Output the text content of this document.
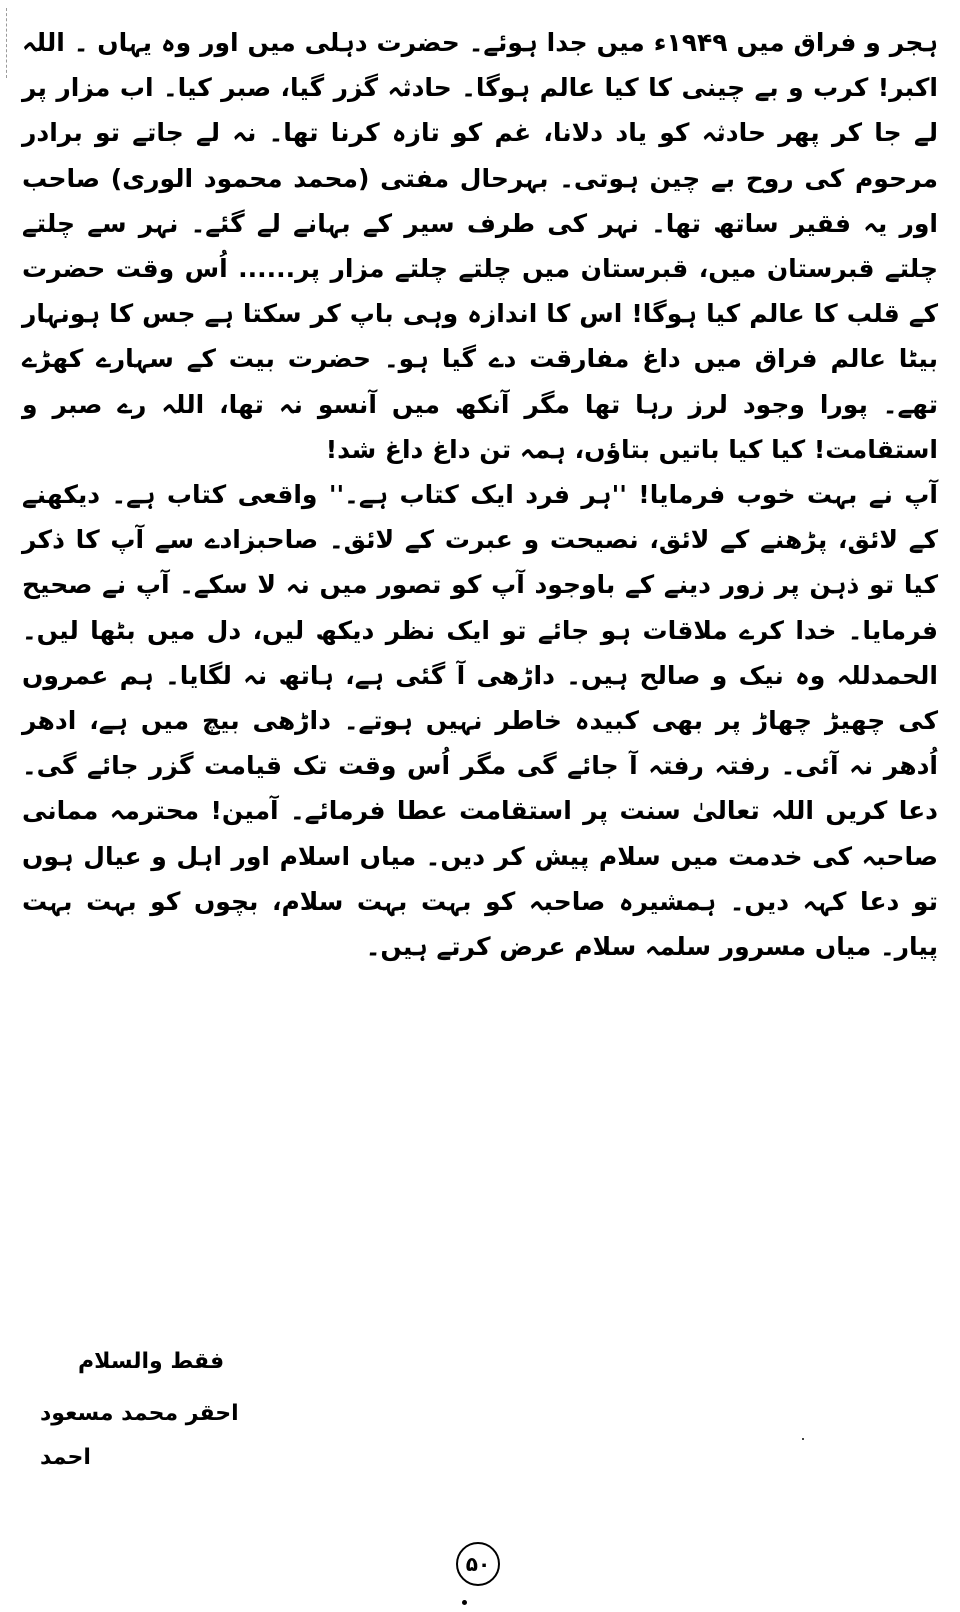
ہجر و فراق میں ۱۹۴۹ء میں جدا ہوئے۔ حضرت دہلی میں اور وہ یہاں ۔ اللہ اکبر! کرب و بے چینی کا کیا عالم ہوگا۔ حادثہ گزر گیا، صبر کیا۔ اب مزار پر لے جا کر پھر حادثہ کو یاد دلانا، غم کو تازہ کرنا تھا۔ نہ لے جاتے تو برادر مرحوم کی روح بے چین ہوتی۔ بہرحال مفتی (محمد محمود الوری) صاحب اور یہ فقیر ساتھ تھا۔ نہر کی طرف سیر کے بہانے لے گئے۔ نہر سے چلتے چلتے قبرستان میں، قبرستان میں چلتے چلتے مزار پر...... اُس وقت حضرت کے قلب کا عالم کیا ہوگا! اس کا اندازہ وہی باپ کر سکتا ہے جس کا ہونہار بیٹا عالم فراق میں داغ مفارقت دے گیا ہو۔ حضرت بیت کے سہارے کھڑے تھے۔ پورا وجود لرز رہا تھا مگر آنکھ میں آنسو نہ تھا، اللہ رے صبر و استقامت! کیا کیا باتیں بتاؤں، ہمہ تن داغ داغ شد!

آپ نے بہت خوب فرمایا! ''ہر فرد ایک کتاب ہے۔'' واقعی کتاب ہے۔ دیکھنے کے لائق، پڑھنے کے لائق، نصیحت و عبرت کے لائق۔ صاحبزادے سے آپ کا ذکر کیا تو ذہن پر زور دینے کے باوجود آپ کو تصور میں نہ لا سکے۔ آپ نے صحیح فرمایا۔ خدا کرے ملاقات ہو جائے تو ایک نظر دیکھ لیں، دل میں بٹھا لیں۔ الحمدللہ وہ نیک و صالح ہیں۔ داڑھی آ گئی ہے، ہاتھ نہ لگایا۔ ہم عمروں کی چھیڑ چھاڑ پر بھی کبیدہ خاطر نہیں ہوتے۔ داڑھی بیچ میں ہے، ادھر اُدھر نہ آئی۔ رفتہ رفتہ آ جائے گی مگر اُس وقت تک قیامت گزر جائے گی۔ دعا کریں اللہ تعالیٰ سنت پر استقامت عطا فرمائے۔ آمین! محترمہ ممانی صاحبہ کی خدمت میں سلام پیش کر دیں۔ میاں اسلام اور اہل و عیال ہوں تو دعا کہہ دیں۔ ہمشیرہ صاحبہ کو بہت بہت سلام، بچوں کو بہت بہت پیار۔ میاں مسرور سلمہ سلام عرض کرتے ہیں۔

فقط والسلام
احقر محمد مسعود احمد
۵۰
